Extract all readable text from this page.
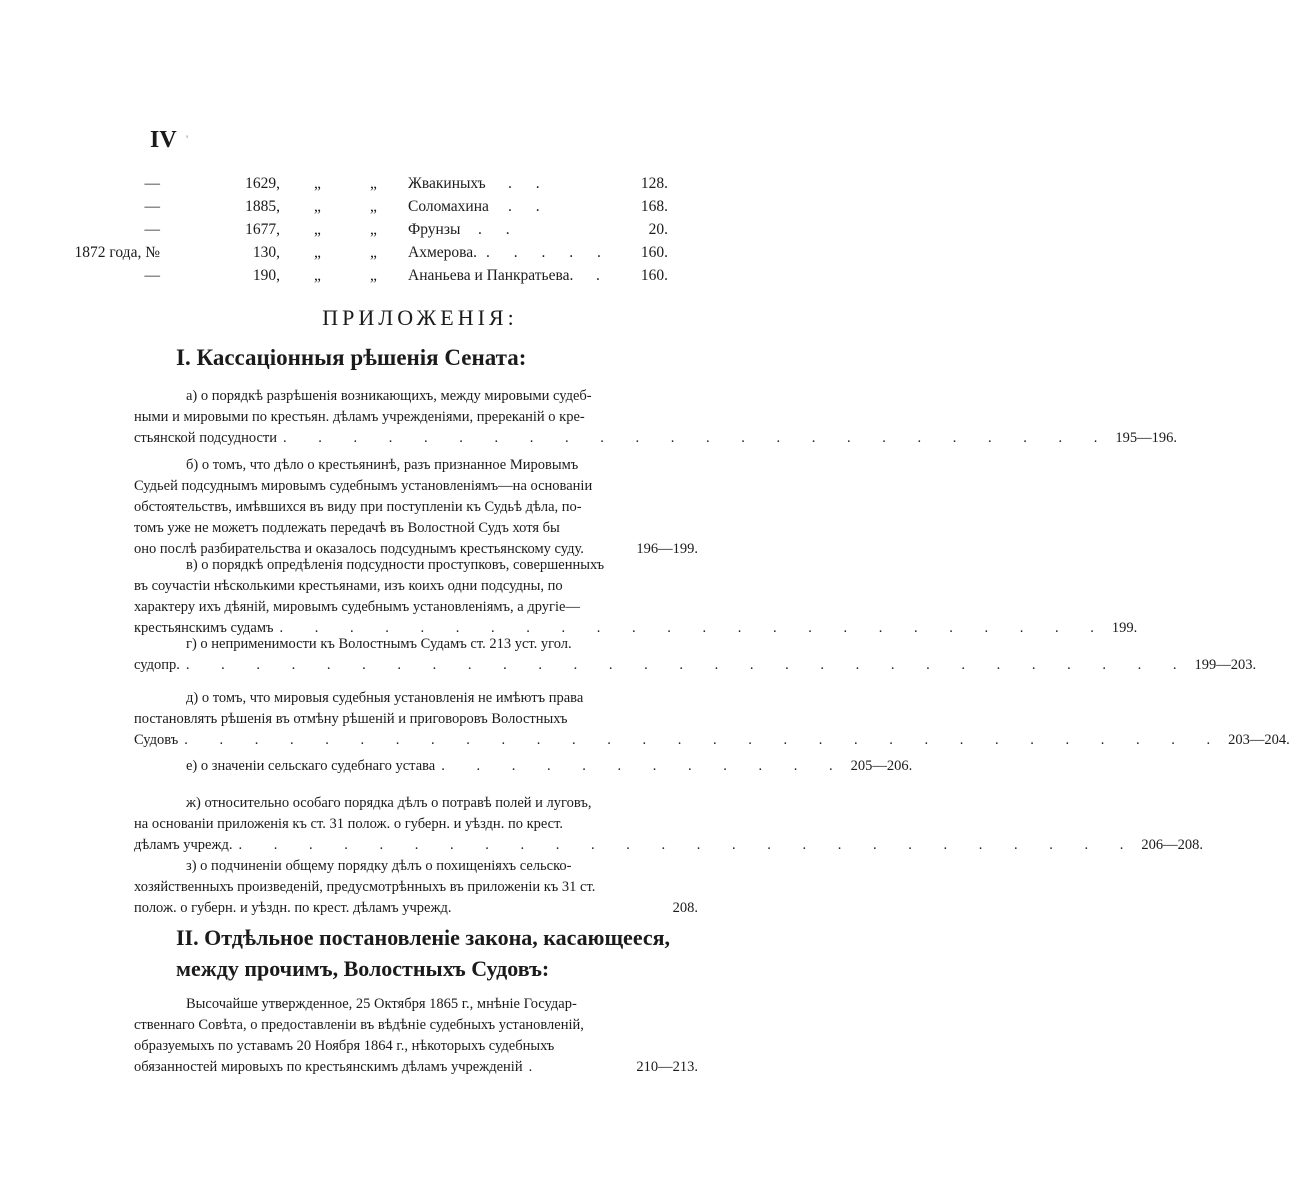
IV '
—	1629, „	„ Жвакиныхъ . .	128.
—	1885, „	„ Соломахина . .	168.
—	1677, „	„ Фрунзы . .	20.
1872 года, №	130, „	„ Ахмерова. . . . . . 160.
—	190, „	„ Ананьева и Панкратьева. . 160.
ПРИЛОЖЕНІЯ:
I. Кассаціонныя рѣшенія Сената:

а) о порядкѣ разрѣшенія возникающихъ, между мировыми судеб-

ными и мировыми по крестьян. дѣламъ учрежденіями, пререканій о кре-

стьянской подсудности . . . . . . . . . . . . . . . . . . . . . . . . 195—196.

б) о томъ, что дѣло о крестьянинѣ, разъ признанное Мировымъ

Судьей подсуднымъ мировымъ судебнымъ установленіямъ—на основаніи

обстоятельствъ, имѣвшихся въ виду при поступленіи къ Судьѣ дѣла, по-

томъ уже не можетъ подлежать передачѣ въ Волостной Судъ хотя бы

оно послѣ разбирательства и оказалось подсуднымъ крестьянскому суду.	196—199.

в) о порядкѣ опредѣленія подсудности проступковъ, совершенныхъ

въ соучастіи нѣсколькими крестьянами, изъ коихъ одни подсудны, по

характеру ихъ дѣяній, мировымъ судебнымъ установленіямъ, а другіе—

крестьянскимъ судамъ . . . . . . . . . . . . . . . . . . . . . . . . 199.

г) о неприменимости къ Волостнымъ Судамъ ст. 213 уст. угол.

судопр. . . . . . . . . . . . . . . . . . . . . . . . . . . . . . 199—203.

д) о томъ, что мировыя судебныя установленія не имѣютъ права

постановлять рѣшенія въ отмѣну рѣшеній и приговоровъ Волостныхъ

Судовъ . . . . . . . . . . . . . . . . . . . . . . . . . . . . . . 203—204.

е) о значеніи сельскаго судебнаго устава . . . . . . . . . . . . 205—206.

ж) относительно особаго порядка дѣлъ о потравѣ полей и луговъ,

на основаніи приложенія къ ст. 31 полож. о губерн. и уѣздн. по крест.

дѣламъ учрежд. . . . . . . . . . . . . . . . . . . . . . . . . . . 206—208.

з) о подчиненіи общему порядку дѣлъ о похищеніяхъ сельско-

хозяйственныхъ произведеній, предусмотрѣнныхъ въ приложеніи къ 31 ст.

полож. о губерн. и уѣздн. по крест. дѣламъ учрежд.	208.

II. Отдѣльное постановленіе закона, касающееся, между прочимъ, Волостныхъ Судовъ:

Высочайше утвержденное, 25 Октября 1865 г., мнѣніе Государ-

ственнаго Совѣта, о предоставленіи въ вѣдѣніе судебныхъ установленій,

образуемыхъ по уставамъ 20 Ноября 1864 г., нѣкоторыхъ судебныхъ

обязанностей мировыхъ по крестьянскимъ дѣламъ учрежденій .	210—213.
